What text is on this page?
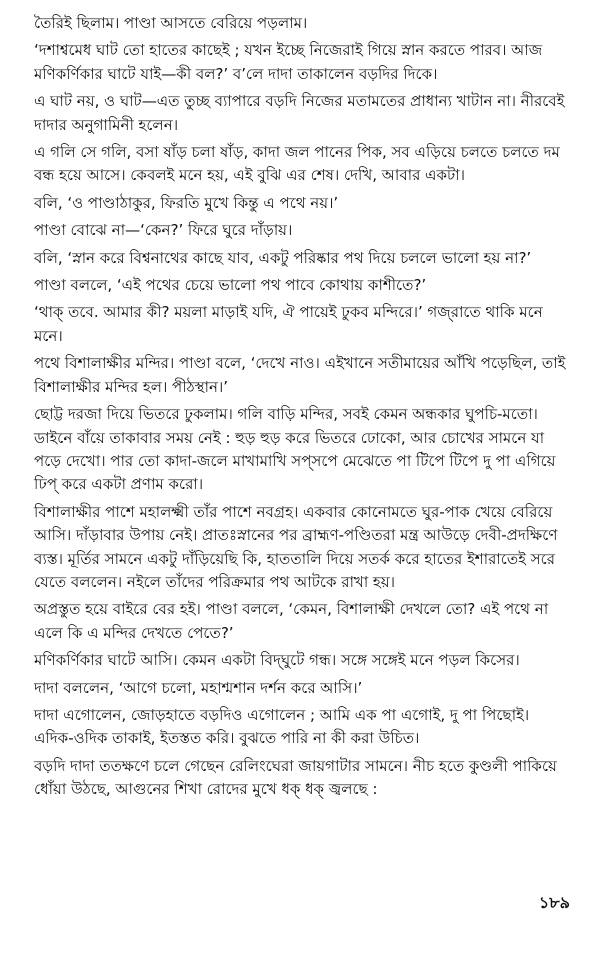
তৈরিই ছিলাম। পাণ্ডা আসতে বেরিয়ে পড়লাম।

‘দশাশ্বমেধ ঘাট তো হাতের কাছেই ; যখন ইচ্ছে নিজেরাই গিয়ে স্নান করতে পারব। আজ মণিকর্ণিকার ঘাটে যাই—কী বল?’ ব’লে দাদা তাকালেন বড়দির দিকে।

এ ঘাট নয়, ও ঘাট—এত তুচ্ছ ব্যাপারে বড়দি নিজের মতামতের প্রাধান্য খাটান না। নীরবেই দাদার অনুগামিনী হলেন।

এ গলি সে গলি, বসা ষাঁড় চলা ষাঁড়, কাদা জল পানের পিক, সব এড়িয়ে চলতে চলতে দম বন্ধ হয়ে আসে। কেবলই মনে হয়, এই বুঝি এর শেষ। দেখি, আবার একটা।

বলি, ‘ও পাণ্ডাঠাকুর, ফিরতি মুখে কিন্তু এ পথে নয়।’

পাণ্ডা বোঝে না—‘কেন?’ ফিরে ঘুরে দাঁড়ায়।

বলি, ‘স্নান করে বিশ্বনাথের কাছে যাব, একটু পরিষ্কার পথ দিয়ে চললে ভালো হয় না?’

পাণ্ডা বললে, ‘এই পথের চেয়ে ভালো পথ পাবে কোথায় কাশীতে?’

‘থাক্ তবে. আমার কী? ময়লা মাড়াই যদি, ঐ পায়েই ঢুকব মন্দিরে।’ গজ্‌রাতে থাকি মনে মনে।

পথে বিশালাক্ষীর মন্দির। পাণ্ডা বলে, ‘দেখে নাও। এইখানে সতীমায়ের আঁখি পড়েছিল, তাই বিশালাক্ষীর মন্দির হল। পীঠস্থান।’

ছোট্ট দরজা দিয়ে ভিতরে ঢুকলাম। গলি বাড়ি মন্দির, সবই কেমন অন্ধকার ঘুপচি-মতো। ডাইনে বাঁয়ে তাকাবার সময় নেই : হুড় হুড় করে ভিতরে ঢোকো, আর চোখের সামনে যা পড়ে দেখো। পার তো কাদা-জলে মাখামাখি সপ্‌সপে মেঝেতে পা টিপে টিপে দু পা এগিয়ে ঢিপ্ করে একটা প্রণাম করো।

বিশালাক্ষীর পাশে মহালক্ষ্মী তাঁর পাশে নবগ্রহ। একবার কোনোমতে ঘুর-পাক খেয়ে বেরিয়ে আসি। দাঁড়াবার উপায় নেই। প্রাতঃস্নানের পর ব্রাহ্মণ-পণ্ডিতরা মন্ত্র আউড়ে দেবী-প্রদক্ষিণে ব্যস্ত। মূর্তির সামনে একটু দাঁড়িয়েছি কি, হাততালি দিয়ে সতর্ক করে হাতের ইশারাতেই সরে যেতে বললেন। নইলে তাঁদের পরিক্রমার পথ আটকে রাখা হয়।

অপ্রস্তুত হয়ে বাইরে বের হই। পাণ্ডা বললে, ‘কেমন, বিশালাক্ষী দেখলে তো? এই পথে না এলে কি এ মন্দির দেখতে পেতে?’

মণিকর্ণিকার ঘাটে আসি। কেমন একটা বিদ্‌ঘুটে গন্ধ। সঙ্গে সঙ্গেই মনে পড়ল কিসের।

দাদা বললেন, ‘আগে চলো, মহাশ্মশান দর্শন করে আসি।’

দাদা এগোলেন, জোড়হাতে বড়দিও এগোলেন ; আমি এক পা এগোই, দু পা পিছোই। এদিক-ওদিক তাকাই, ইতস্তত করি। বুঝতে পারি না কী করা উচিত।

বড়দি দাদা ততক্ষণে চলে গেছেন রেলিংঘেরা জায়গাটার সামনে। নীচ হতে কুণ্ডলী পাকিয়ে ধোঁয়া উঠছে, আগুনের শিখা রোদের মুখে ধক্ ধক্ জ্বলছে :

১৮৯
